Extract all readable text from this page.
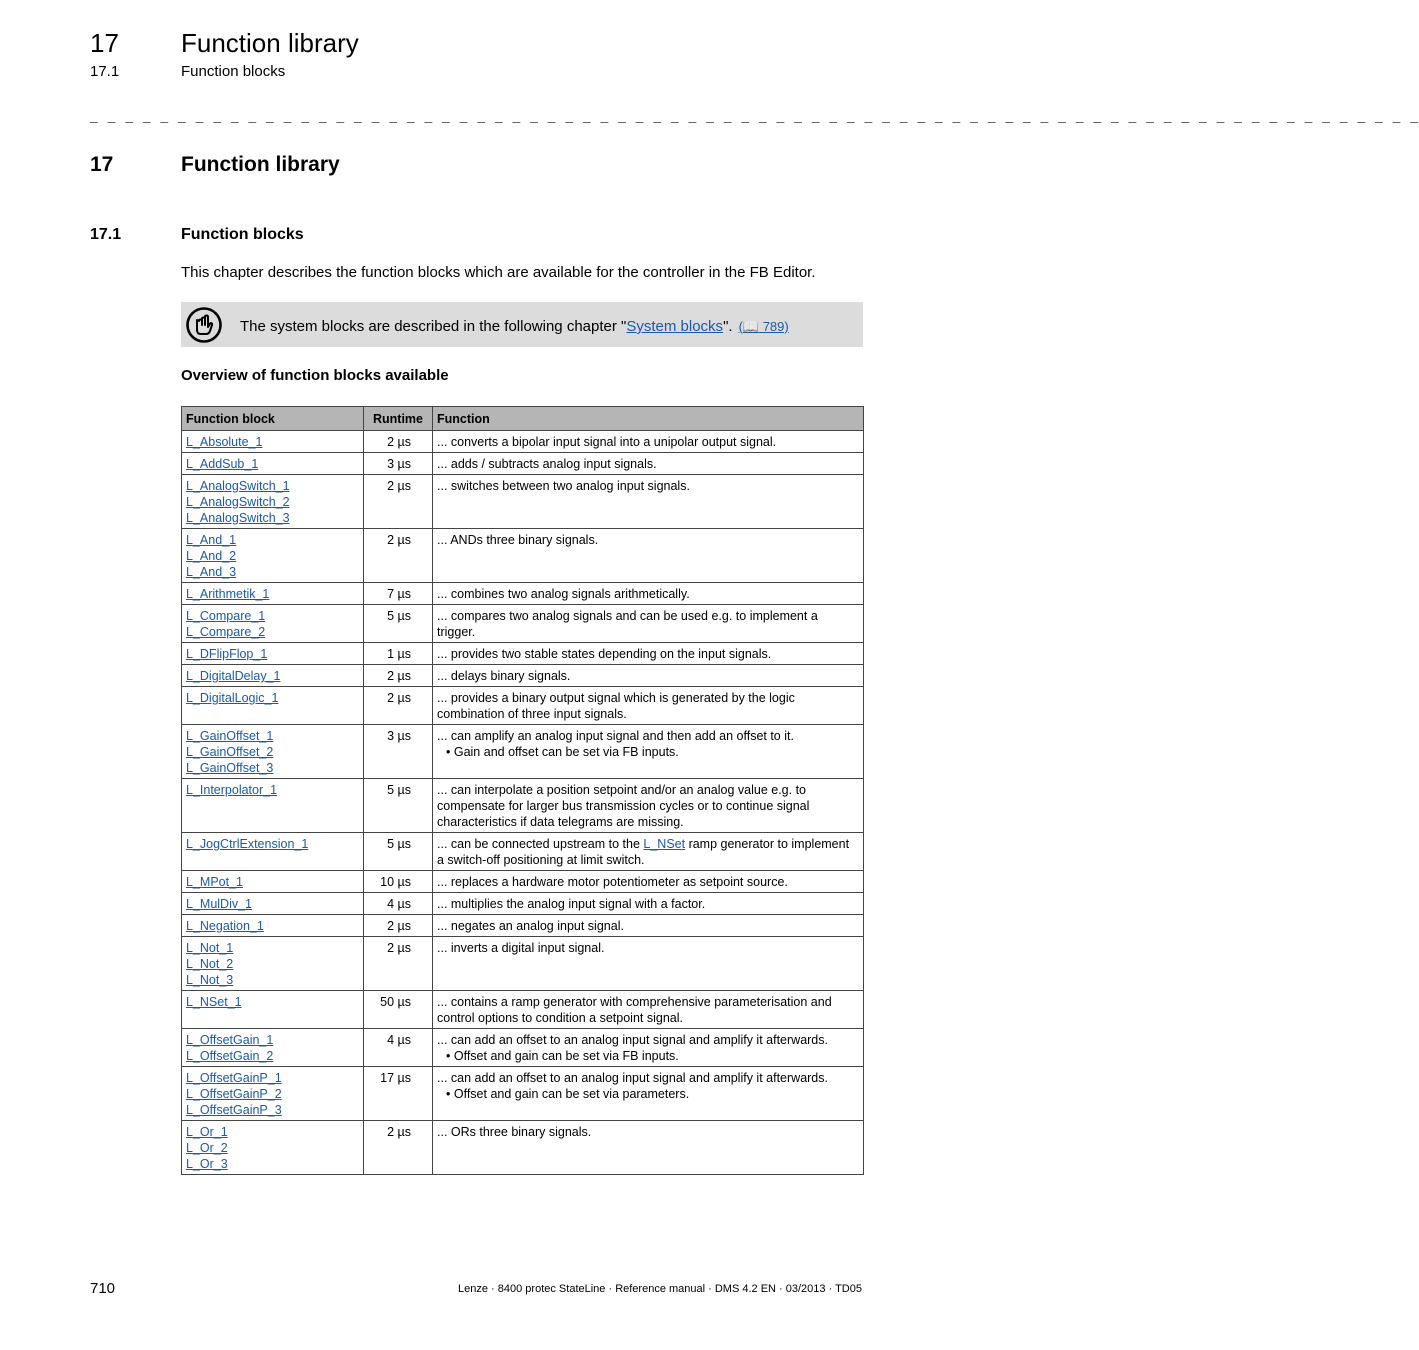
17 Function library
17.1	Function blocks
_ _ _ _ _ _ _ _ _ _ _ _ _ _ _ _ _ _ _ _ _ _ _ _ _ _ _ _ _ _ _ _ _ _ _ _ _ _ _ _ _ _ _ _ _ _ _ _ _ _ _ _ _ _ _ _ _ _ _ _ _ _ _ _ _ _ _ _ _ _ _ _ _ _ _ _
17	Function library
17.1	Function blocks
This chapter describes the function blocks which are available for the controller in the FB Editor.
The system blocks are described in the following chapter "System blocks". (📖 789)
Overview of function blocks available
Function block	Runtime	Function

L_Absolute_1	2 µs	... converts a bipolar input signal into a unipolar output signal.

L_AddSub_1	3 µs	... adds / subtracts analog input signals.

L_AnalogSwitch_1
L_AnalogSwitch_2
L_AnalogSwitch_3	2 µs	... switches between two analog input signals.

L_And_1
L_And_2
L_And_3	2 µs	... ANDs three binary signals.

L_Arithmetik_1	7 µs	... combines two analog signals arithmetically.

L_Compare_1
L_Compare_2	5 µs	... compares two analog signals and can be used e.g. to implement a trigger.

L_DFlipFlop_1	1 µs	... provides two stable states depending on the input signals.

L_DigitalDelay_1	2 µs	... delays binary signals.

L_DigitalLogic_1	2 µs	... provides a binary output signal which is generated by the logic combination of three input signals.

L_GainOffset_1
L_GainOffset_2
L_GainOffset_3	3 µs	... can amplify an analog input signal and then add an offset to it.
• Gain and offset can be set via FB inputs.

L_Interpolator_1	5 µs	... can interpolate a position setpoint and/or an analog value e.g. to compensate for larger bus transmission cycles or to continue signal characteristics if data telegrams are missing.

L_JogCtrlExtension_1	5 µs	... can be connected upstream to the L_NSet ramp generator to implement a switch-off positioning at limit switch.

L_MPot_1	10 µs	... replaces a hardware motor potentiometer as setpoint source.

L_MulDiv_1	4 µs	... multiplies the analog input signal with a factor.

L_Negation_1	2 µs	... negates an analog input signal.

L_Not_1
L_Not_2
L_Not_3	2 µs	... inverts a digital input signal.

L_NSet_1	50 µs	... contains a ramp generator with comprehensive parameterisation and control options to condition a setpoint signal.

L_OffsetGain_1
L_OffsetGain_2	4 µs	... can add an offset to an analog input signal and amplify it afterwards.
• Offset and gain can be set via FB inputs.

L_OffsetGainP_1
L_OffsetGainP_2
L_OffsetGainP_3	17 µs	... can add an offset to an analog input signal and amplify it afterwards.
• Offset and gain can be set via parameters.

L_Or_1
L_Or_2
L_Or_3	2 µs	... ORs three binary signals.
710	Lenze · 8400 protec StateLine · Reference manual · DMS 4.2 EN · 03/2013 · TD05
